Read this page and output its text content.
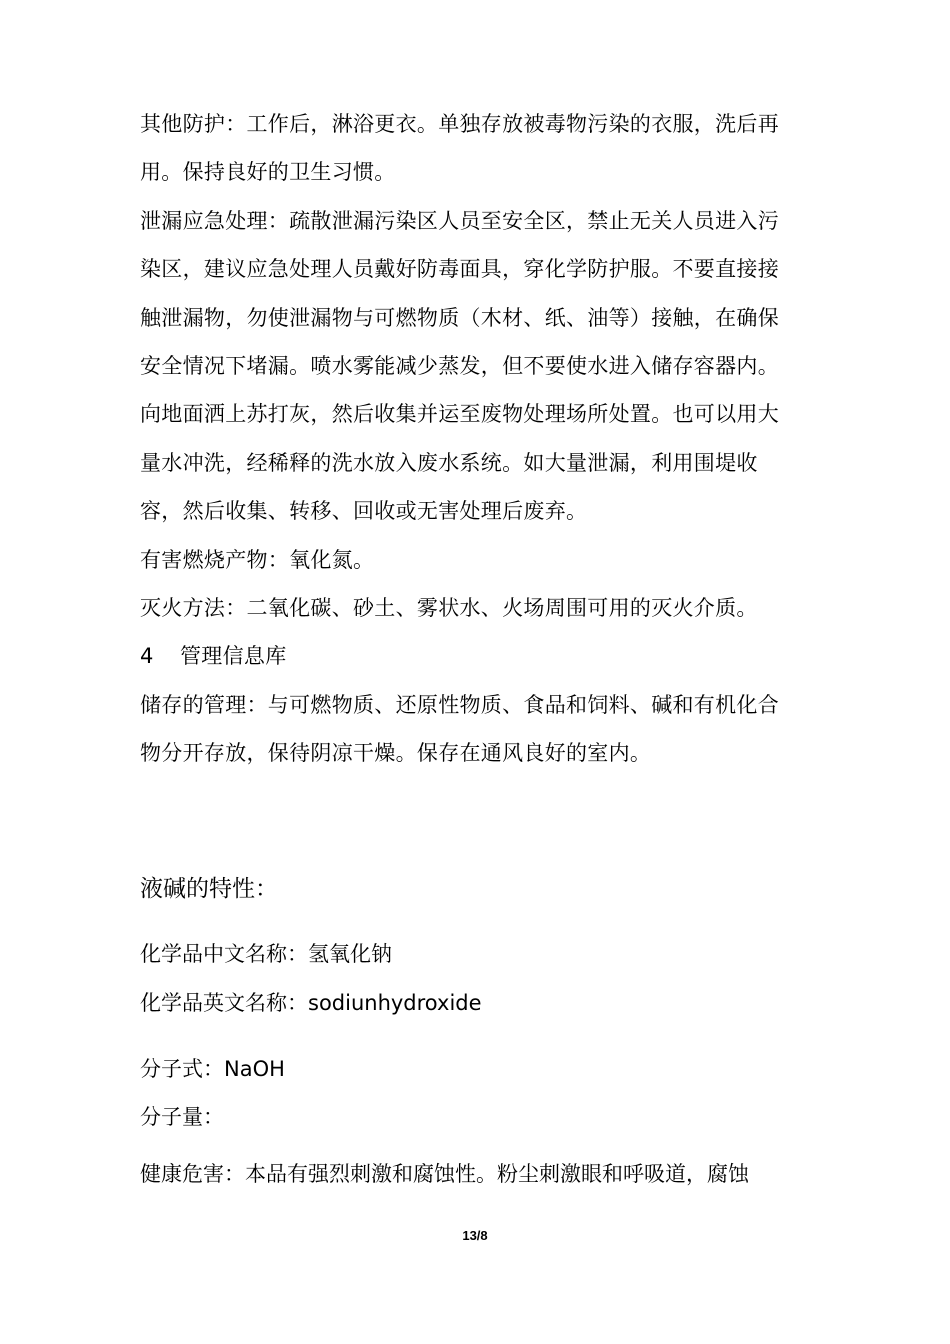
其他防护：工作后，淋浴更衣。单独存放被毒物污染的衣服，洗后再用。保持良好的卫生习惯。

泄漏应急处理：疏散泄漏污染区人员至安全区，禁止无关人员进入污染区，建议应急处理人员戴好防毒面具，穿化学防护服。不要直接接触泄漏物，勿使泄漏物与可燃物质（木材、纸、油等）接触，在确保安全情况下堵漏。喷水雾能减少蒸发，但不要使水进入储存容器内。向地面洒上苏打灰，然后收集并运至废物处理场所处置。也可以用大量水冲洗，经稀释的洗水放入废水系统。如大量泄漏，利用围堤收容，然后收集、转移、回收或无害处理后废弃。

有害燃烧产物：氧化氮。

灭火方法：二氧化碳、砂土、雾状水、火场周围可用的灭火介质。

4 管理信息库

储存的管理：与可燃物质、还原性物质、食品和饲料、碱和有机化合物分开存放，保待阴凉干燥。保存在通风良好的室内。

液碱的特性：
化学品中文名称：氢氧化钠
化学品英文名称：sodiunhydroxide
分子式：NaOH
分子量：
健康危害：本品有强烈刺激和腐蚀性。粉尘刺激眼和呼吸道，腐蚀
13/8
